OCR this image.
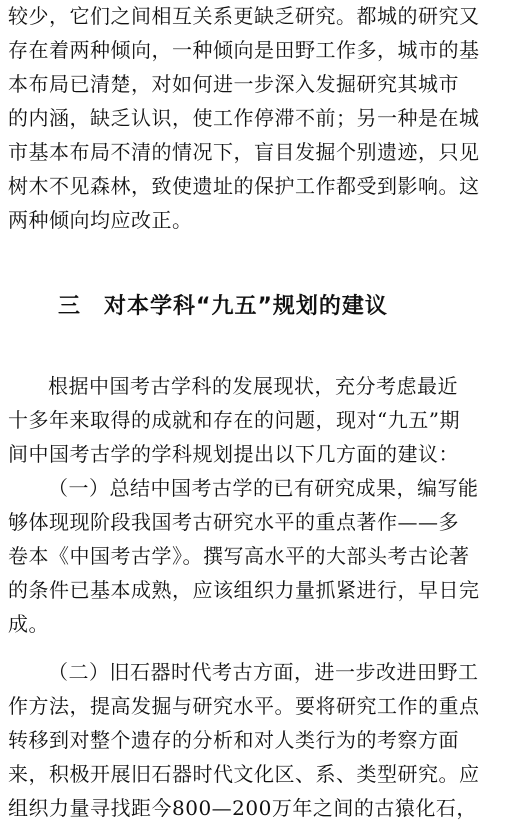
较少，它们之间相互关系更缺乏研究。都城的研究又
存在着两种倾向，一种倾向是田野工作多，城市的基
本布局已清楚，对如何进一步深入发掘研究其城市
的内涵，缺乏认识，使工作停滞不前；另一种是在城
市基本布局不清的情况下，盲目发掘个别遗迹，只见
树木不见森林，致使遗址的保护工作都受到影响。这
两种倾向均应改正。
三　对本学科“九五”规划的建议
根据中国考古学科的发展现状，充分考虑最近
十多年来取得的成就和存在的问题，现对“九五”期
间中国考古学的学科规划提出以下几方面的建议：
（一）总结中国考古学的已有研究成果，编写能
够体现现阶段我国考古研究水平的重点著作——多
卷本《中国考古学》。撰写高水平的大部头考古论著
的条件已基本成熟，应该组织力量抓紧进行，早日完
成。
（二）旧石器时代考古方面，进一步改进田野工
作方法，提高发掘与研究水平。要将研究工作的重点
转移到对整个遗存的分析和对人类行为的考察方面
来，积极开展旧石器时代文化区、系、类型研究。应
组织力量寻找距今800—200万年之间的古猿化石，
